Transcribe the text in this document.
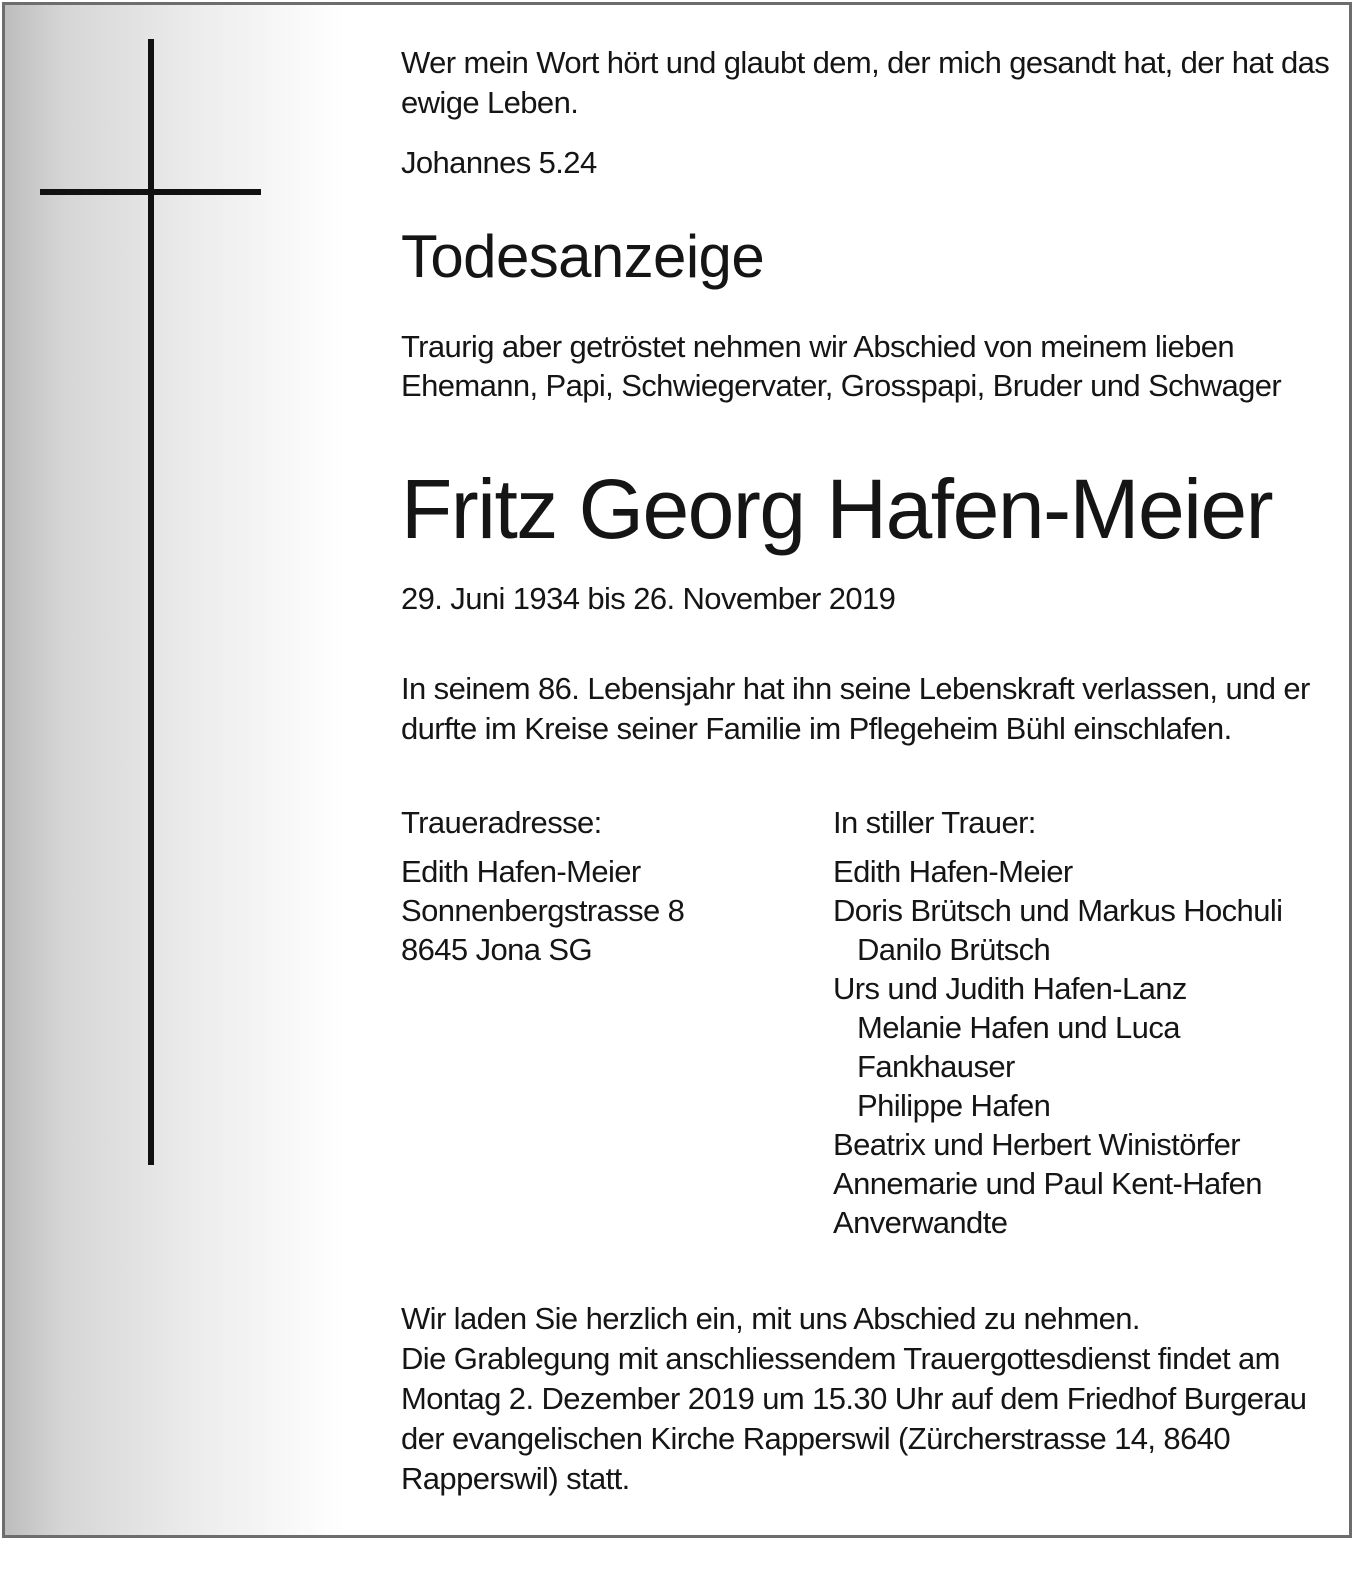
Wer mein Wort hört und glaubt dem, der mich gesandt hat, der hat das
ewige Leben.
Johannes 5.24
Todesanzeige
Traurig aber getröstet nehmen wir Abschied von meinem lieben
Ehemann, Papi, Schwiegervater, Grosspapi, Bruder und Schwager
Fritz Georg Hafen-Meier
29. Juni 1934 bis 26. November 2019
In seinem 86. Lebensjahr hat ihn seine Lebenskraft verlassen, und er
durfte im Kreise seiner Familie im Pflegeheim Bühl einschlafen.
Traueradresse:
Edith Hafen-Meier
Sonnenbergstrasse 8
8645 Jona SG
In stiller Trauer:
Edith Hafen-Meier
Doris Brütsch und Markus Hochuli
Danilo Brütsch
Urs und Judith Hafen-Lanz
Melanie Hafen und Luca
Fankhauser
Philippe Hafen
Beatrix und Herbert Winistörfer
Annemarie und Paul Kent-Hafen
Anverwandte
Wir laden Sie herzlich ein, mit uns Abschied zu nehmen.
Die Grablegung mit anschliessendem Trauergottesdienst findet am
Montag 2. Dezember 2019 um 15.30 Uhr auf dem Friedhof Burgerau
der evangelischen Kirche Rapperswil (Zürcherstrasse 14, 8640
Rapperswil) statt.
